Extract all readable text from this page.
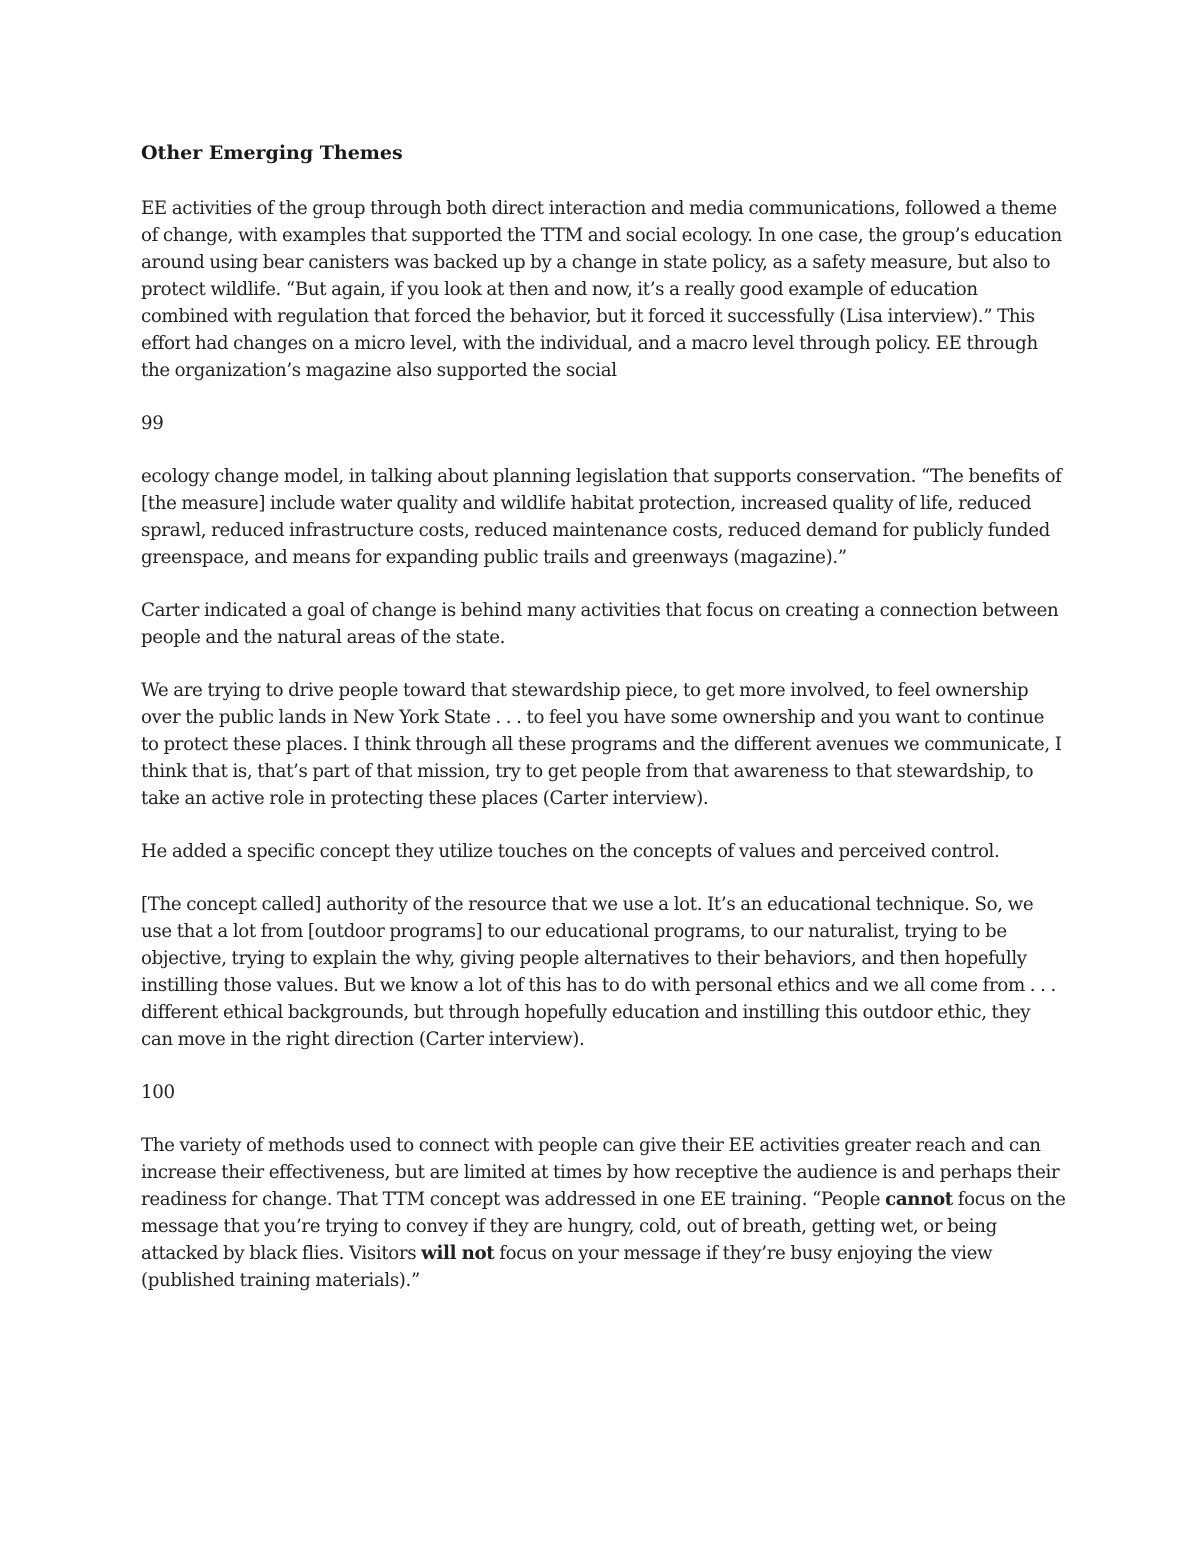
Other Emerging Themes

EE activities of the group through both direct interaction and media communications, followed a theme of change, with examples that supported the TTM and social ecology. In one case, the group’s education around using bear canisters was backed up by a change in state policy, as a safety measure, but also to protect wildlife. “But again, if you look at then and now, it’s a really good example of education combined with regulation that forced the behavior, but it forced it successfully (Lisa interview).” This effort had changes on a micro level, with the individual, and a macro level through policy. EE through the organization’s magazine also supported the social

99

ecology change model, in talking about planning legislation that supports conservation. “The benefits of [the measure] include water quality and wildlife habitat protection, increased quality of life, reduced sprawl, reduced infrastructure costs, reduced maintenance costs, reduced demand for publicly funded greenspace, and means for expanding public trails and greenways (magazine).”

Carter indicated a goal of change is behind many activities that focus on creating a connection between people and the natural areas of the state.

We are trying to drive people toward that stewardship piece, to get more involved, to feel ownership over the public lands in New York State . . . to feel you have some ownership and you want to continue to protect these places. I think through all these programs and the different avenues we communicate, I think that is, that’s part of that mission, try to get people from that awareness to that stewardship, to take an active role in protecting these places (Carter interview).

He added a specific concept they utilize touches on the concepts of values and perceived control.

[The concept called] authority of the resource that we use a lot. It’s an educational technique. So, we use that a lot from [outdoor programs] to our educational programs, to our naturalist, trying to be objective, trying to explain the why, giving people alternatives to their behaviors, and then hopefully instilling those values. But we know a lot of this has to do with personal ethics and we all come from . . . different ethical backgrounds, but through hopefully education and instilling this outdoor ethic, they can move in the right direction (Carter interview).

100

The variety of methods used to connect with people can give their EE activities greater reach and can increase their effectiveness, but are limited at times by how receptive the audience is and perhaps their readiness for change. That TTM concept was addressed in one EE training. “People cannot focus on the message that you’re trying to convey if they are hungry, cold, out of breath, getting wet, or being attacked by black flies. Visitors will not focus on your message if they’re busy enjoying the view (published training materials).”
